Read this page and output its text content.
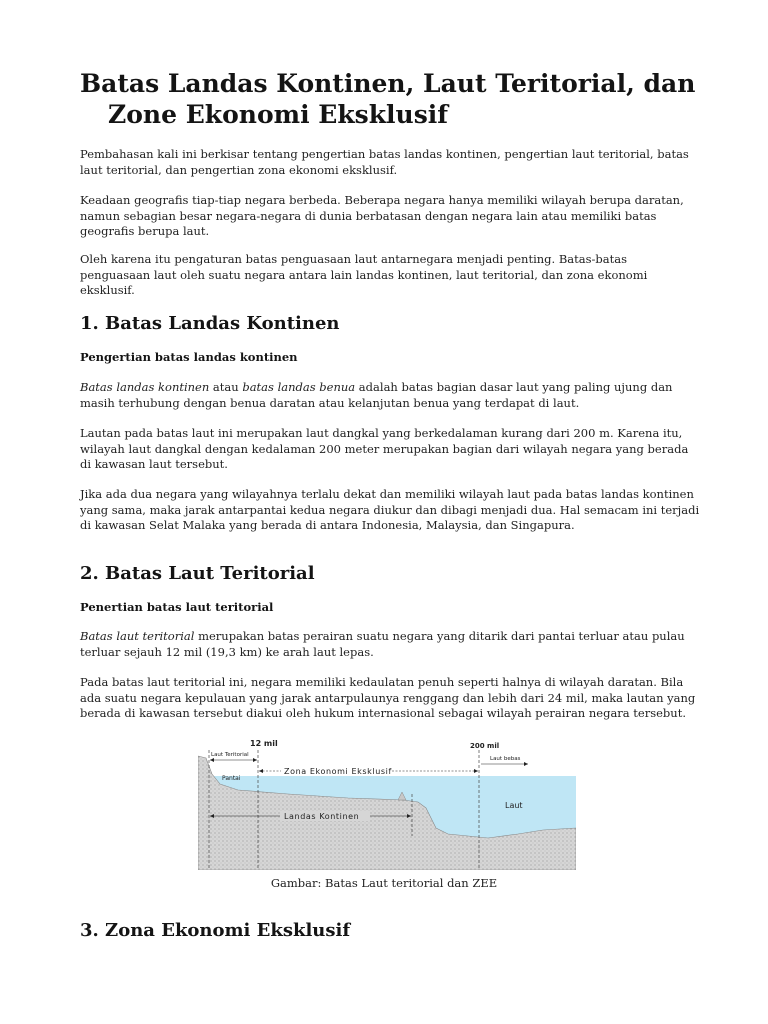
Batas Landas Kontinen, Laut Teritorial, dan
Zone Ekonomi Eksklusif

Pembahasan kali ini berkisar tentang pengertian batas landas kontinen, pengertian laut teritorial, batas laut teritorial, dan pengertian zona ekonomi eksklusif.

Keadaan geografis tiap-tiap negara berbeda. Beberapa negara hanya memiliki wilayah berupa daratan, namun sebagian besar negara-negara di dunia berbatasan dengan negara lain atau memiliki batas geografis berupa laut.

Oleh karena itu pengaturan batas penguasaan laut antarnegara menjadi penting. Batas-batas penguasaan laut oleh suatu negara antara lain landas kontinen, laut teritorial, dan zona ekonomi eksklusif.

1. Batas Landas Kontinen
Pengertian batas landas kontinen

Batas landas kontinen atau batas landas benua adalah batas bagian dasar laut yang paling ujung dan masih terhubung dengan benua daratan atau kelanjutan benua yang terdapat di laut.

Lautan pada batas laut ini merupakan laut dangkal yang berkedalaman kurang dari 200 m. Karena itu, wilayah laut dangkal dengan kedalaman 200 meter merupakan bagian dari wilayah negara yang berada di kawasan laut tersebut.

Jika ada dua negara yang wilayahnya terlalu dekat dan memiliki wilayah laut pada batas landas kontinen yang sama, maka jarak antarpantai kedua negara diukur dan dibagi menjadi dua. Hal semacam ini terjadi di kawasan Selat Malaka yang berada di antara Indonesia, Malaysia, dan Singapura.

2. Batas Laut Teritorial
Penertian batas laut teritorial

Batas laut teritorial merupakan batas perairan suatu negara yang ditarik dari pantai terluar atau pulau terluar sejauh 12 mil (19,3 km) ke arah laut lepas.

Pada batas laut teritorial ini, negara memiliki kedaulatan penuh seperti halnya di wilayah daratan. Bila ada suatu negara kepulauan yang jarak antarpulaunya renggang dan lebih dari 24 mil, maka lautan yang berada di kawasan tersebut diakui oleh hukum internasional sebagai wilayah perairan negara tersebut.

12 mil	200 mil
Laut Teritorial
Laut bebas
Pantai
Zona Ekonomi Eksklusif
Landas Kontinen
Laut
Gambar: Batas Laut teritorial dan ZEE
3. Zona Ekonomi Eksklusif
